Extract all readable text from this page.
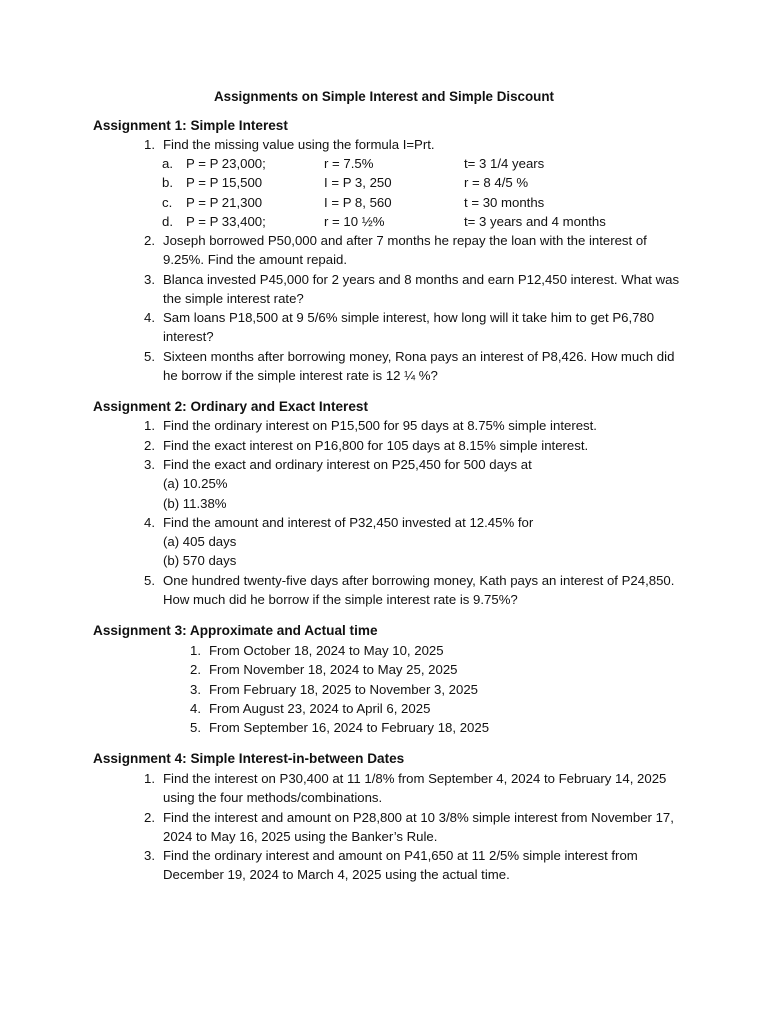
Assignments on Simple Interest and Simple Discount
Assignment 1: Simple Interest
1. Find the missing value using the formula I=Prt.
a. P = P 23,000;	r = 7.5%	t= 3 1/4 years
b. P = P 15,500	I = P 3, 250	r = 8 4/5 %
c. P = P 21,300	I = P 8, 560	t = 30 months
d. P = P 33,400;	r = 10 ½%	t= 3 years and 4 months
2. Joseph borrowed P50,000 and after 7 months he repay the loan with the interest of 9.25%. Find the amount repaid.
3. Blanca invested P45,000 for 2 years and 8 months and earn P12,450 interest. What was the simple interest rate?
4. Sam loans P18,500 at 9 5/6% simple interest, how long will it take him to get P6,780 interest?
5. Sixteen months after borrowing money, Rona pays an interest of P8,426. How much did he borrow if the simple interest rate is 12 ¼ %?
Assignment 2: Ordinary and Exact Interest
1. Find the ordinary interest on P15,500 for 95 days at 8.75% simple interest.
2. Find the exact interest on P16,800 for 105 days at 8.15% simple interest.
3. Find the exact and ordinary interest on P25,450 for 500 days at
(a) 10.25%
(b) 11.38%
4. Find the amount and interest of P32,450 invested at 12.45% for
(a) 405 days
(b) 570 days
5. One hundred twenty-five days after borrowing money, Kath pays an interest of P24,850. How much did he borrow if the simple interest rate is 9.75%?
Assignment 3: Approximate and Actual time
1. From October 18, 2024 to May 10, 2025
2. From November 18, 2024 to May 25, 2025
3. From February 18, 2025 to November 3, 2025
4. From August 23, 2024 to April 6, 2025
5. From September 16, 2024 to February 18, 2025
Assignment 4: Simple Interest-in-between Dates
1. Find the interest on P30,400 at 11 1/8% from September 4, 2024 to February 14, 2025 using the four methods/combinations.
2. Find the interest and amount on P28,800 at 10 3/8% simple interest from November 17, 2024 to May 16, 2025 using the Banker’s Rule.
3. Find the ordinary interest and amount on P41,650 at 11 2/5% simple interest from December 19, 2024 to March 4, 2025 using the actual time.
